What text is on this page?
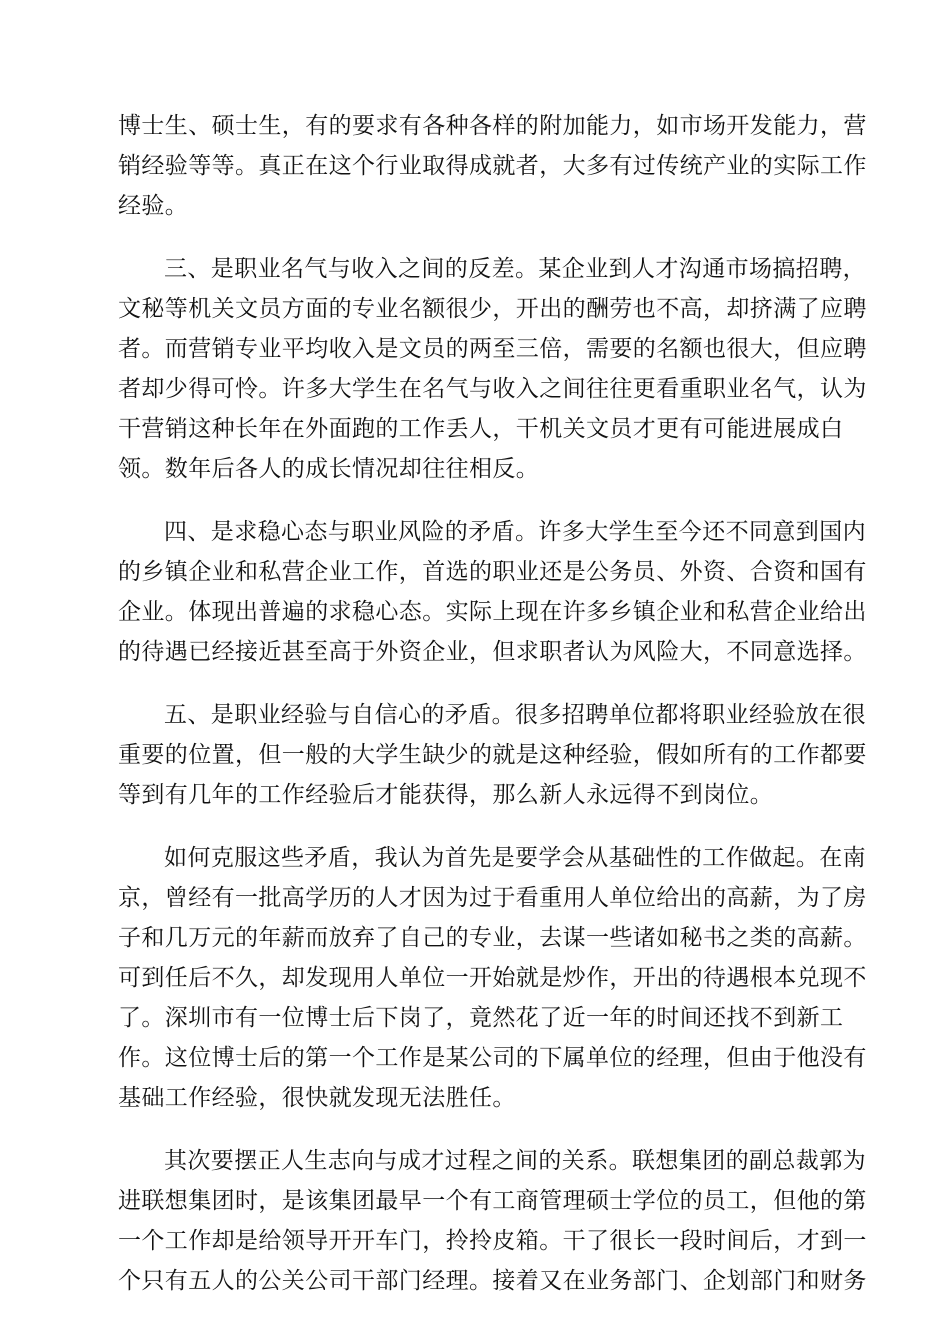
博士生、硕士生，有的要求有各种各样的附加能力，如市场开发能力，营
销经验等等。真正在这个行业取得成就者，大多有过传统产业的实际工作
经验。

三、是职业名气与收入之间的反差。某企业到人才沟通市场搞招聘，
文秘等机关文员方面的专业名额很少，开出的酬劳也不高，却挤满了应聘
者。而营销专业平均收入是文员的两至三倍，需要的名额也很大，但应聘
者却少得可怜。许多大学生在名气与收入之间往往更看重职业名气，认为
干营销这种长年在外面跑的工作丢人，干机关文员才更有可能进展成白
领。数年后各人的成长情况却往往相反。

四、是求稳心态与职业风险的矛盾。许多大学生至今还不同意到国内
的乡镇企业和私营企业工作，首选的职业还是公务员、外资、合资和国有
企业。体现出普遍的求稳心态。实际上现在许多乡镇企业和私营企业给出
的待遇已经接近甚至高于外资企业，但求职者认为风险大，不同意选择。

五、是职业经验与自信心的矛盾。很多招聘单位都将职业经验放在很
重要的位置，但一般的大学生缺少的就是这种经验，假如所有的工作都要
等到有几年的工作经验后才能获得，那么新人永远得不到岗位。

如何克服这些矛盾，我认为首先是要学会从基础性的工作做起。在南
京，曾经有一批高学历的人才因为过于看重用人单位给出的高薪，为了房
子和几万元的年薪而放弃了自己的专业，去谋一些诸如秘书之类的高薪。
可到任后不久，却发现用人单位一开始就是炒作，开出的待遇根本兑现不
了。深圳市有一位博士后下岗了，竟然花了近一年的时间还找不到新工
作。这位博士后的第一个工作是某公司的下属单位的经理，但由于他没有
基础工作经验，很快就发现无法胜任。

其次要摆正人生志向与成才过程之间的关系。联想集团的副总裁郭为
进联想集团时，是该集团最早一个有工商管理硕士学位的员工，但他的第
一个工作却是给领导开开车门，拎拎皮箱。干了很长一段时间后，才到一
个只有五人的公关公司干部门经理。接着又在业务部门、企划部门和财务
